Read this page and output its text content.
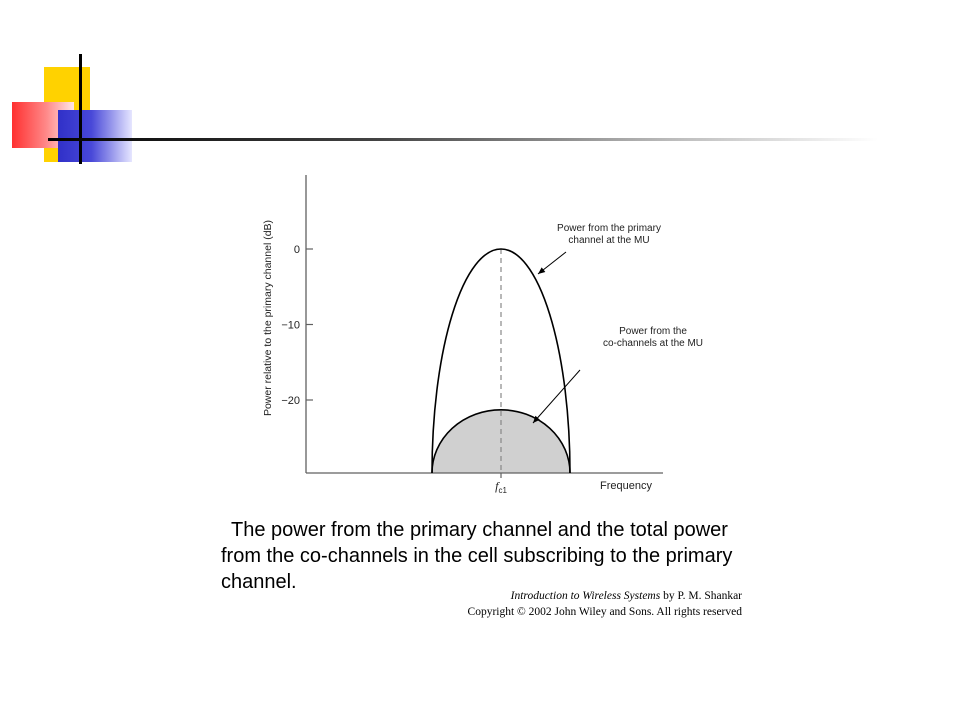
0
−10
−20
Power from the primary
channel at the MU
Power from the
co-channels at the MU
Power relative to the primary channel (dB)
Frequency
$f_{c1}$

The power from the primary channel and the total power from the co-channels in the cell subscribing to the primary channel.

Introduction to Wireless Systems by P. M. Shankar
Copyright © 2002 John Wiley and Sons. All rights reserved
